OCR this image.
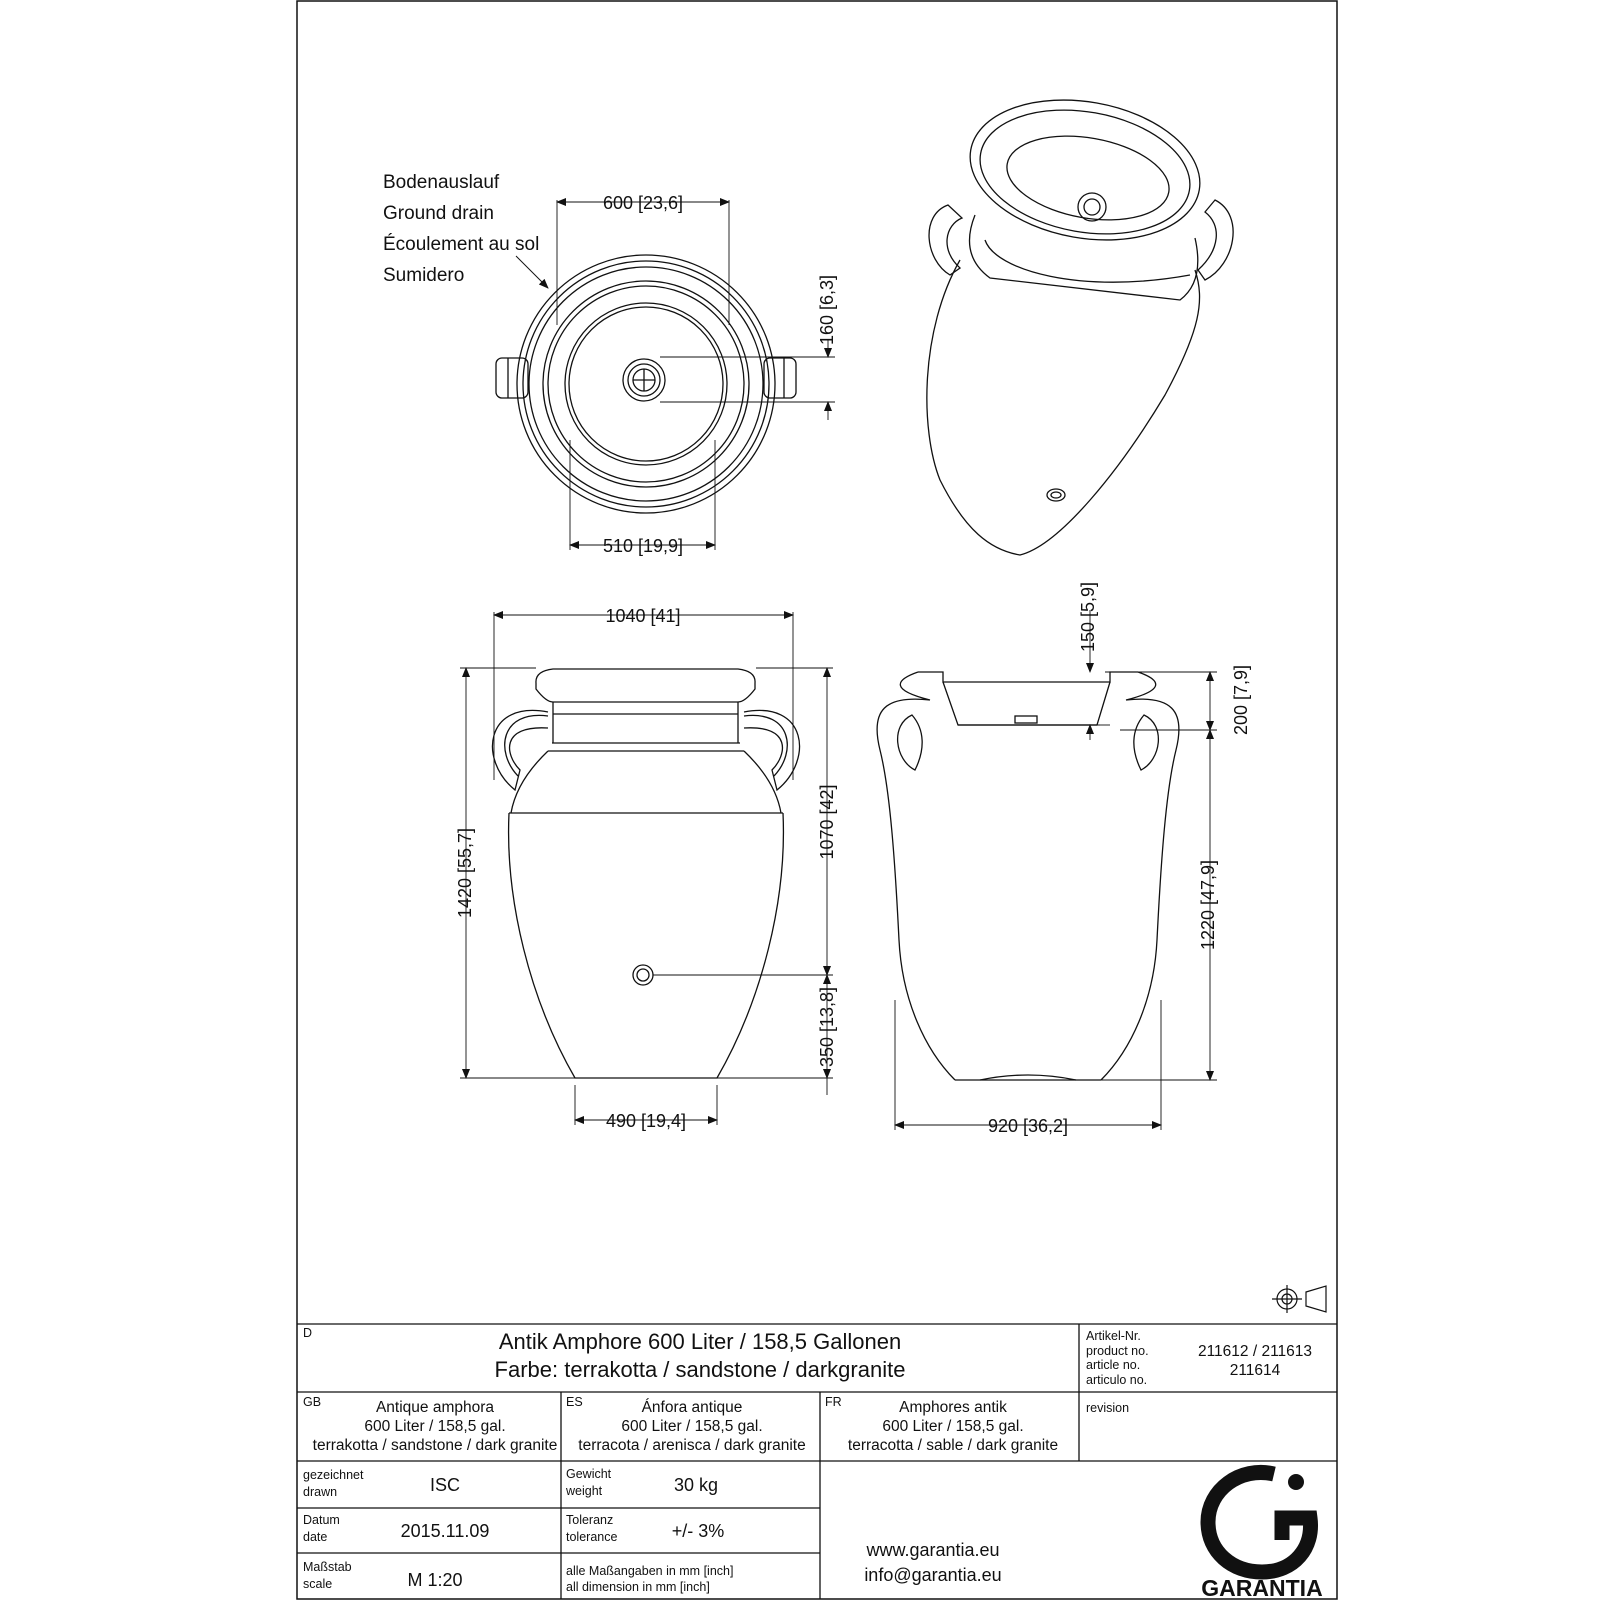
Bodenauslauf
Ground drain
Écoulement au sol
Sumidero
600 [23,6]
510 [19,9]
160 [6,3]
1040 [41]
1420 [55,7]
1070 [42]
350 [13,8]
490 [19,4]
150 [5,9]
200 [7,9]
1220 [47,9]
920 [36,2]
D	Antik Amphore 600 Liter / 158,5 Gallonen
Farbe: terrakotta / sandstone / darkgranite
Artikel-Nr.
product no.
article no.
articulo no.
211612 / 211613
211614
GB	Antique amphora
600 Liter / 158,5 gal.
terrakotta / sandstone / dark granite
ES	Ánfora antique
600 Liter / 158,5 gal.
terracota / arenisca / dark granite
FR	Amphores antik
600 Liter / 158,5 gal.
terracotta / sable / dark granite
revision
gezeichnet
drawn	ISC
Gewicht
weight	30 kg
Datum
date	2015.11.09
Toleranz
tolerance	+/- 3%
Maßstab
scale	M 1:20	alle Maßangaben in mm [inch]
all dimension in mm [inch]
www.garantia.eu
info@garantia.eu	GARANTIA
